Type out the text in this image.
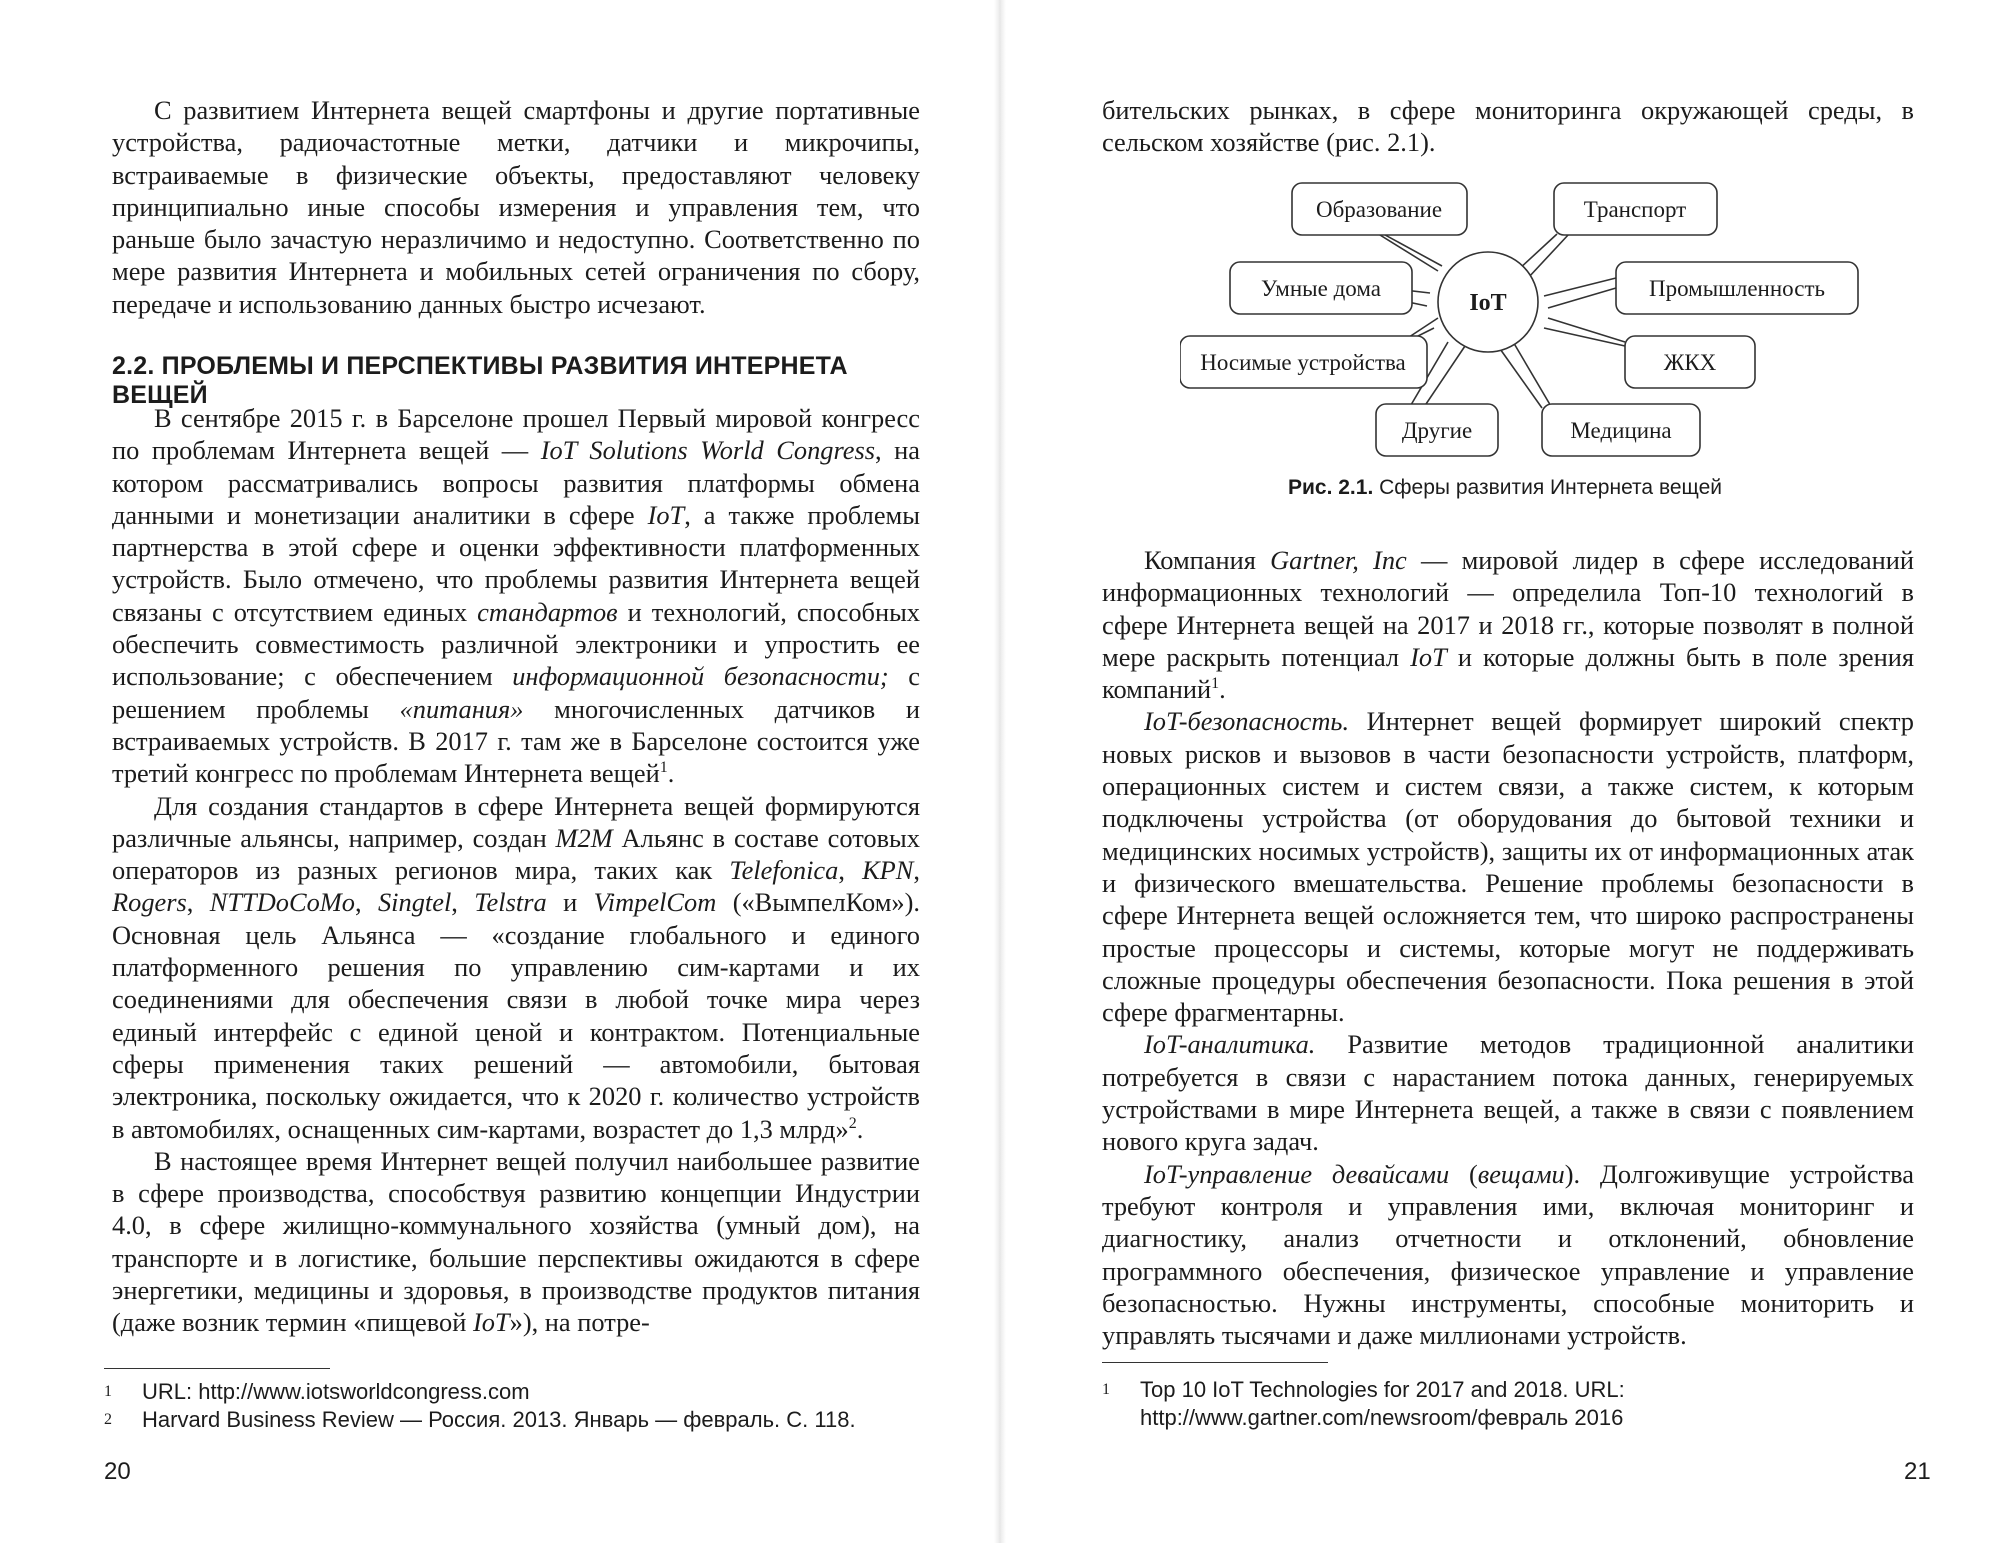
С развитием Интернета вещей смартфоны и другие портативные устройства, радиочастотные метки, датчики и микрочипы, встраиваемые в физические объекты, предоставляют человеку принципиально иные способы измерения и управления тем, что раньше было зачастую неразличимо и недоступно. Соответственно по мере развития Интернета и мобильных сетей ограничения по сбору, передаче и использованию данных быстро исчезают.

2.2. ПРОБЛЕМЫ И ПЕРСПЕКТИВЫ РАЗВИТИЯ ИНТЕРНЕТА ВЕЩЕЙ

В сентябре 2015 г. в Барселоне прошел Первый мировой конгресс по проблемам Интернета вещей — IoT Solutions World Congress, на котором рассматривались вопросы развития платформы обмена данными и монетизации аналитики в сфере IoT, а также проблемы партнерства в этой сфере и оценки эффективности платформенных устройств. Было отмечено, что проблемы развития Интернета вещей связаны с отсутствием единых стандартов и технологий, способных обеспечить совместимость различной электроники и упростить ее использование; с обеспечением информационной безопасности; с решением проблемы «питания» многочисленных датчиков и встраиваемых устройств. В 2017 г. там же в Барселоне состоится уже третий конгресс по проблемам Интернета вещей$^1$.

Для создания стандартов в сфере Интернета вещей формируются различные альянсы, например, создан M2M Альянс в составе сотовых операторов из разных регионов мира, таких как Telefonica, KPN, Rogers, NTTDoCoMo, Singtel, Telstra и VimpelCom («ВымпелКом»). Основная цель Альянса — «создание глобального и единого платформенного решения по управлению сим-картами и их соединениями для обеспечения связи в любой точке мира через единый интерфейс с единой ценой и контрактом. Потенциальные сферы применения таких решений — автомобили, бытовая электроника, поскольку ожидается, что к 2020 г. количество устройств в автомобилях, оснащенных сим-картами, возрастет до 1,3 млрд»$^2$.

В настоящее время Интернет вещей получил наибольшее развитие в сфере производства, способствуя развитию концепции Индустрии 4.0, в сфере жилищно-коммунального хозяйства (умный дом), на транспорте и в логистике, большие перспективы ожидаются в сфере энергетики, медицины и здоровья, в производстве продуктов питания (даже возник термин «пищевой IoT»), на потре-

1	URL: http://www.iotsworldcongress.com
2	Harvard Business Review — Россия. 2013. Январь — февраль. С. 118.
20

бительских рынках, в сфере мониторинга окружающей среды, в сельском хозяйстве (рис. 2.1).

IoT
Образование	Транспорт
Умные дома	Промышленность
Носимые устройства	ЖКХ
Другие	Медицина
Рис. 2.1. Сферы развития Интернета вещей

Компания Gartner, Inc — мировой лидер в сфере исследований информационных технологий — определила Топ-10 технологий в сфере Интернета вещей на 2017 и 2018 гг., которые позволят в полной мере раскрыть потенциал IoT и которые должны быть в поле зрения компаний$^1$.

IoT-безопасность. Интернет вещей формирует широкий спектр новых рисков и вызовов в части безопасности устройств, платформ, операционных систем и систем связи, а также систем, к которым подключены устройства (от оборудования до бытовой техники и медицинских носимых устройств), защиты их от информационных атак и физического вмешательства. Решение проблемы безопасности в сфере Интернета вещей осложняется тем, что широко распространены простые процессоры и системы, которые могут не поддерживать сложные процедуры обеспечения безопасности. Пока решения в этой сфере фрагментарны.

IoT-аналитика. Развитие методов традиционной аналитики потребуется в связи с нарастанием потока данных, генерируемых устройствами в мире Интернета вещей, а также в связи с появлением нового круга задач.

IoT-управление девайсами (вещами). Долгоживущие устройства требуют контроля и управления ими, включая мониторинг и диагностику, анализ отчетности и отклонений, обновление программного обеспечения, физическое управление и управление безопасностью. Нужны инструменты, способные мониторить и управлять тысячами и даже миллионами устройств.

1	Top 10 IoT Technologies for 2017 and 2018. URL: http://www.gartner.com/newsroom/февраль 2016
21
